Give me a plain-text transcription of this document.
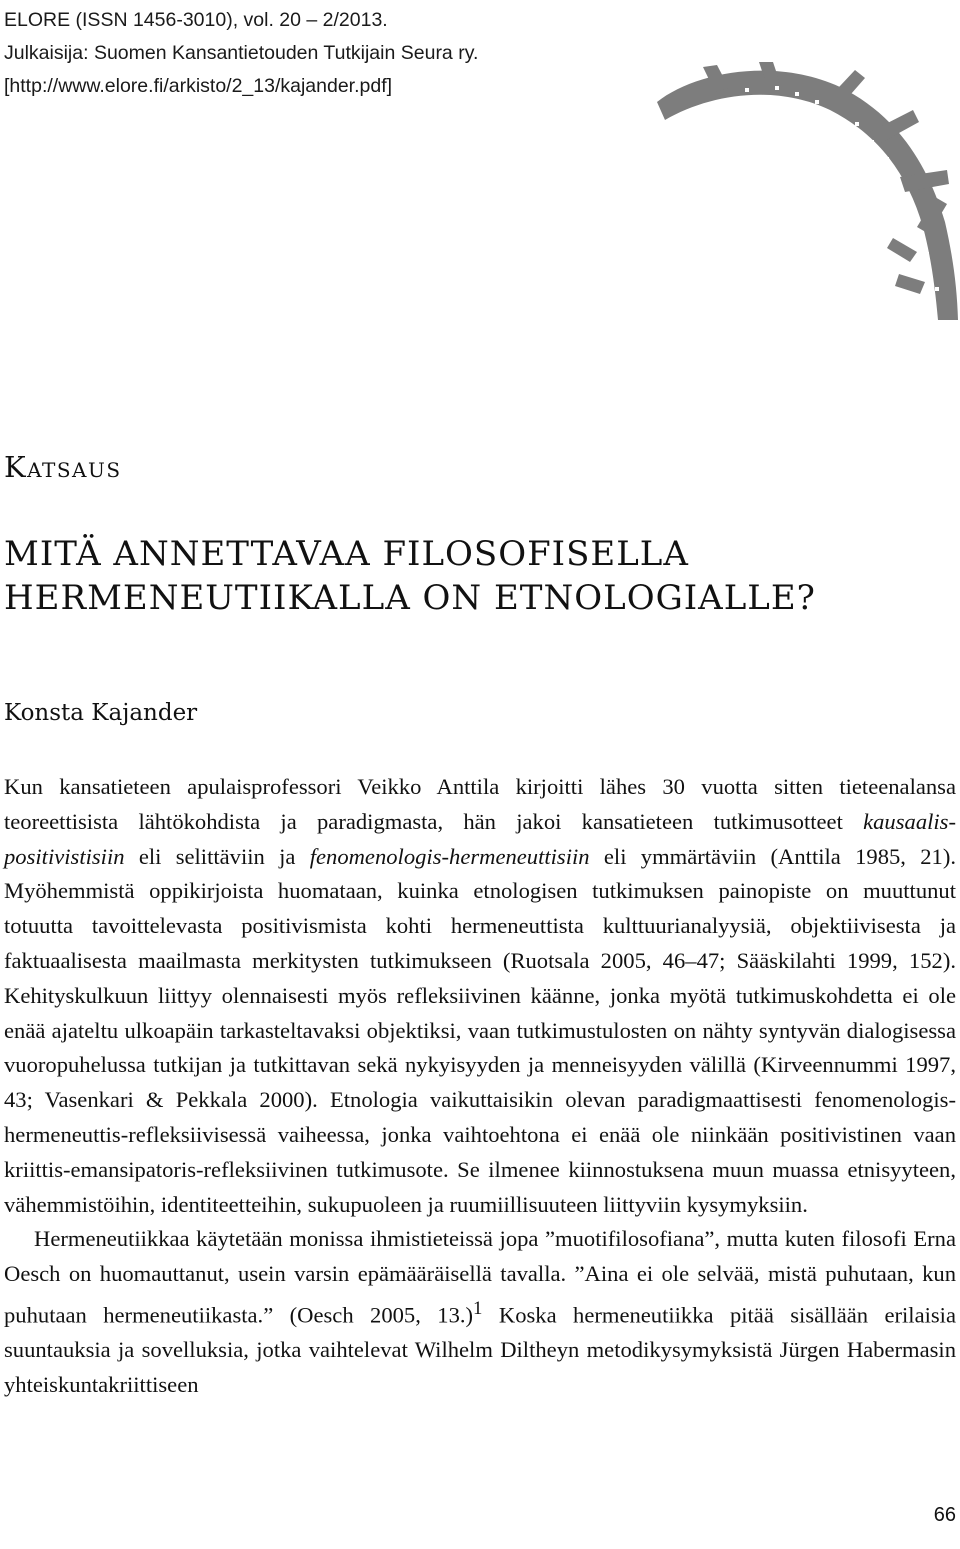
ELORE (ISSN 1456-3010), vol. 20 – 2/2013.
Julkaisija: Suomen Kansantietouden Tutkijain Seura ry.
[http://www.elore.fi/arkisto/2_13/kajander.pdf]
Katsaus
MITÄ ANNETTAVAA FILOSOFISELLA
HERMENEUTIIKALLA ON ETNOLOGIALLE?
Konsta Kajander

Kun kansatieteen apulaisprofessori Veikko Anttila kirjoitti lähes 30 vuotta sitten tieteenalansa teoreettisista lähtökohdista ja paradigmasta, hän jakoi kansatieteen tutkimusotteet kausaalis-positivistisiin eli selittäviin ja fenomenologis-hermeneuttisiin eli ymmärtäviin (Anttila 1985, 21). Myöhemmistä oppikirjoista huomataan, kuinka etnologisen tutkimuksen painopiste on muuttunut totuutta tavoittelevasta positivismista kohti hermeneuttista kulttuurianalyysiä, objektiivisesta ja faktuaalisesta maailmasta merkitysten tutkimukseen (Ruotsala 2005, 46–47; Sääskilahti 1999, 152). Kehityskulkuun liittyy olennaisesti myös refleksiivinen käänne, jonka myötä tutkimuskohdetta ei ole enää ajateltu ulkoapäin tarkasteltavaksi objektiksi, vaan tutkimustulosten on nähty syntyvän dialogisessa vuoropuhelussa tutkijan ja tutkittavan sekä nykyisyyden ja menneisyyden välillä (Kirveennummi 1997, 43; Vasenkari & Pekkala 2000). Etnologia vaikuttaisikin olevan paradigmaattisesti fenomenologis-hermeneuttis-refleksiivisessä vaiheessa, jonka vaihtoehtona ei enää ole niinkään positivistinen vaan kriittis-emansipatoris-refleksiivinen tutkimusote. Se ilmenee kiinnostuksena muun muassa etnisyyteen, vähemmistöihin, identiteetteihin, sukupuoleen ja ruumiillisuuteen liittyviin kysymyksiin.

Hermeneutiikkaa käytetään monissa ihmistieteissä jopa ”muotifilosofiana”, mutta kuten filosofi Erna Oesch on huomauttanut, usein varsin epämääräisellä tavalla. ”Aina ei ole selvää, mistä puhutaan, kun puhutaan hermeneutiikasta.” (Oesch 2005, 13.)$^1$ Koska hermeneutiikka pitää sisällään erilaisia suuntauksia ja sovelluksia, jotka vaihtelevat Wilhelm Diltheyn metodikysymyksistä Jürgen Habermasin yhteiskuntakriittiseen

66
